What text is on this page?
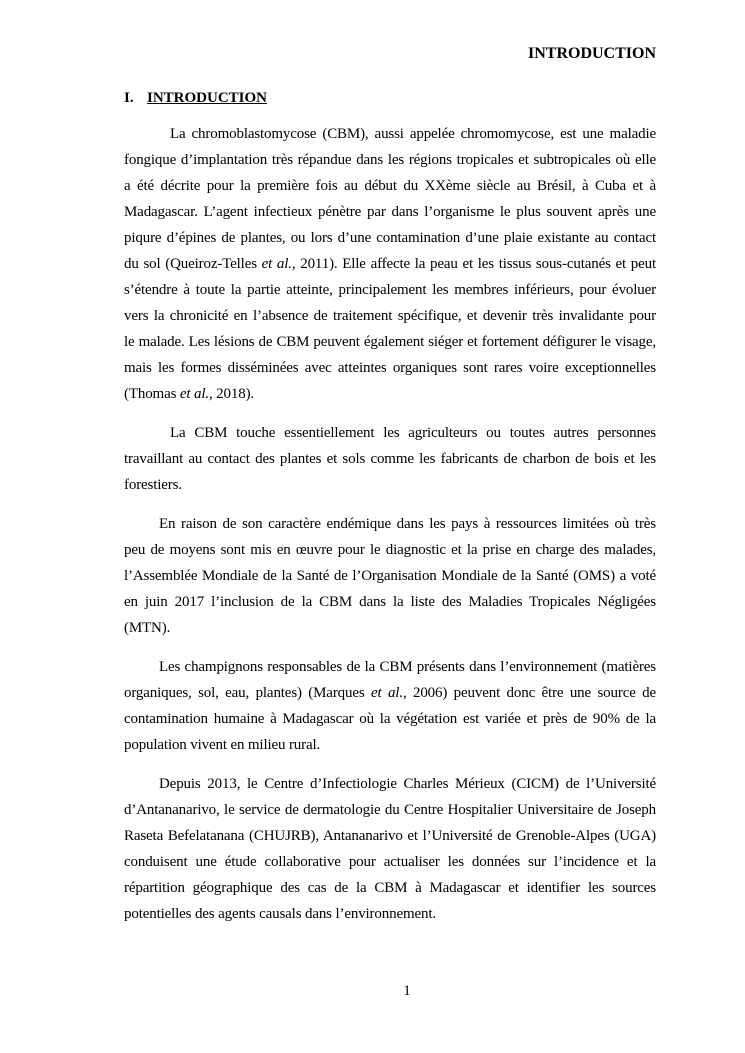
INTRODUCTION
I. INTRODUCTION
La chromoblastomycose (CBM), aussi appelée chromomycose, est une maladie
fongique d’implantation très répandue dans les régions tropicales et subtropicales où elle
a été décrite pour la première fois au début du XXème siècle au Brésil, à Cuba et à
Madagascar. L’agent infectieux pénètre par dans l’organisme le plus souvent après une
piqure d’épines de plantes, ou lors d’une contamination d’une plaie existante au contact
du sol (Queiroz-Telles et al., 2011). Elle affecte la peau et les tissus sous-cutanés et peut
s’étendre à toute la partie atteinte, principalement les membres inférieurs, pour évoluer
vers la chronicité en l’absence de traitement spécifique, et devenir très invalidante pour
le malade. Les lésions de CBM peuvent également siéger et fortement défigurer le visage,
mais les formes disséminées avec atteintes organiques sont rares voire exceptionnelles
(Thomas et al., 2018).
La CBM touche essentiellement les agriculteurs ou toutes autres personnes
travaillant au contact des plantes et sols comme les fabricants de charbon de bois et les
forestiers.
En raison de son caractère endémique dans les pays à ressources limitées où très
peu de moyens sont mis en œuvre pour le diagnostic et la prise en charge des malades,
l’Assemblée Mondiale de la Santé de l’Organisation Mondiale de la Santé (OMS) a voté
en juin 2017 l’inclusion de la CBM dans la liste des Maladies Tropicales Négligées
(MTN).
Les champignons responsables de la CBM présents dans l’environnement (matières
organiques, sol, eau, plantes) (Marques et al., 2006) peuvent donc être une source de
contamination humaine à Madagascar où la végétation est variée et près de 90% de la
population vivent en milieu rural.
Depuis 2013, le Centre d’Infectiologie Charles Mérieux (CICM) de l’Université
d’Antananarivo, le service de dermatologie du Centre Hospitalier Universitaire de Joseph
Raseta Befelatanana (CHUJRB), Antananarivo et l’Université de Grenoble-Alpes (UGA)
conduisent une étude collaborative pour actualiser les données sur l’incidence et la
répartition géographique des cas de la CBM à Madagascar et identifier les sources
potentielles des agents causals dans l’environnement.
1
